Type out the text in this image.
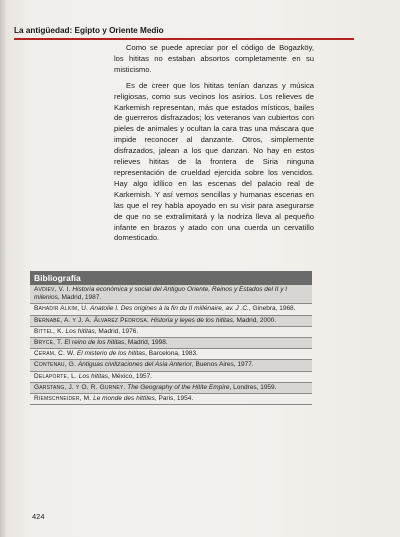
La antigüedad: Egipto y Oriente Medio

Como se puede apreciar por el código de Bogazköy, los hititas no estaban absortos completamente en su misticismo.

Es de creer que los hititas tenían danzas y música religiosas, como sus vecinos los asirios. Los relieves de Karkemish representan, más que estados místicos, bailes de guerreros disfrazados; los veteranos van cubiertos con pieles de animales y ocultan la cara tras una máscara que impide reconocer al danzante. Otros, simplemente disfrazados, jalean a los que danzan. No hay en estos relieves hititas de la frontera de Siria ninguna representación de crueldad ejercida sobre los vencidos. Hay algo idílico en las escenas del palacio real de Karkemish. Y así vemos sencillas y humanas escenas en las que el rey habla apoyado en su visir para asegurarse de que no se extralimitará y la nodriza lleva al pequeño infante en brazos y atado con una cuerda un cervatillo domesticado.

Bibliografía
Avdiev, V. I. Historia económica y social del Antiguo Oriente, Reinos y Estados del II y I milenios, Madrid, 1987.
Bahadir Alkim, U. Anatolie I. Des origines à la fin du II millénaire, av. J .C., Ginebra, 1968.
Bernabé, A. y J. A. Álvarez Pedrosa. Historia y leyes de los hititas, Madrid, 2000.
Bittel, K. Los hititas, Madrid, 1976.
Bryce, T. El reino de los hititas, Madrid, 1998.
Ceram, C. W. El misterio de los hititas, Barcelona, 1983.
Contenau, G. Antiguas civilizaciones del Asia Anterior, Buenos Aires, 1977.
Delaporte, L. Los hititas, México, 1957.
Garstang, J. y O. R. Gurney. The Geography of the Hitite Empire, Londres, 1959.
Riemschneider, M. Le monde des hittites, Paris, 1954.
424
